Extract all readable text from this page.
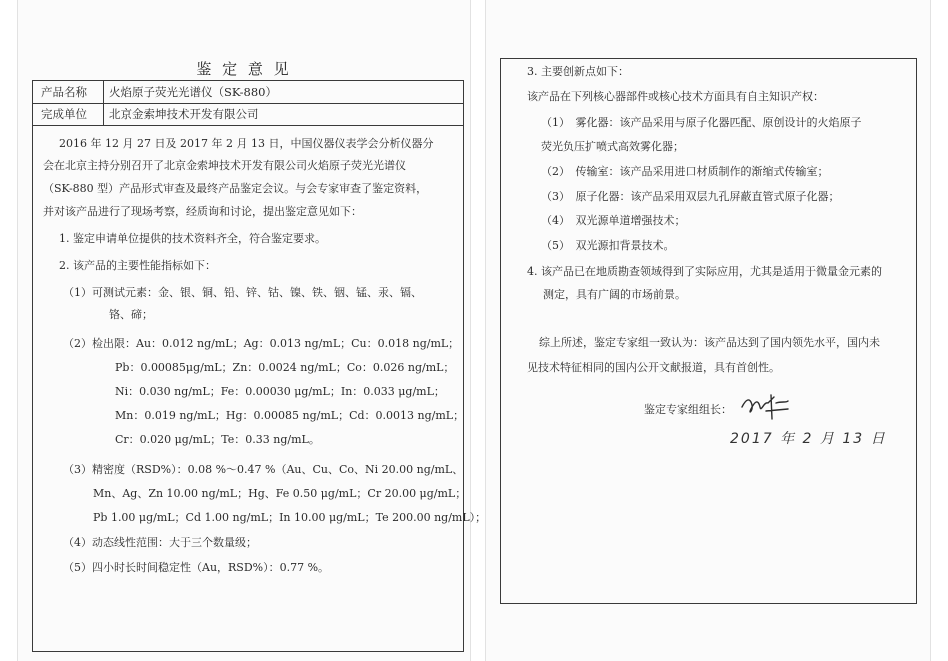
鉴 定 意 见
产品名称 火焰原子荧光光谱仪（SK-880）
完成单位 北京金索坤技术开发有限公司
2016 年 12 月 27 日及 2017 年 2 月 13 日，中国仪器仪表学会分析仪器分
会在北京主持分别召开了北京金索坤技术开发有限公司火焰原子荧光光谱仪
（SK-880 型）产品形式审查及最终产品鉴定会议。与会专家审查了鉴定资料，
并对该产品进行了现场考察，经质询和讨论，提出鉴定意见如下：
1. 鉴定申请单位提供的技术资料齐全，符合鉴定要求。
2. 该产品的主要性能指标如下：
（1）可测试元素：金、银、铜、铅、锌、钴、镍、铁、铟、锰、汞、镉、
铬、碲；
（2）检出限：Au：0.012 ng/mL；Ag：0.013 ng/mL；Cu：0.018 ng/mL；
Pb：0.00085μg/mL；Zn：0.0024 ng/mL；Co：0.026 ng/mL；
Ni：0.030 ng/mL；Fe：0.00030 μg/mL；In：0.033 μg/mL；
Mn：0.019 ng/mL；Hg：0.00085 ng/mL；Cd：0.0013 ng/mL；
Cr：0.020 μg/mL；Te：0.33 ng/mL。
（3）精密度（RSD%）：0.08 %～0.47 %（Au、Cu、Co、Ni 20.00 ng/mL、
Mn、Ag、Zn 10.00 ng/mL；Hg、Fe 0.50 μg/mL；Cr 20.00 μg/mL；
Pb 1.00 μg/mL；Cd 1.00 ng/mL；In 10.00 μg/mL；Te 200.00 ng/mL）；
（4）动态线性范围：大于三个数量级；
（5）四小时长时间稳定性（Au，RSD%）：0.77 %。
3. 主要创新点如下：
该产品在下列核心器部件或核心技术方面具有自主知识产权：
（1）　雾化器：该产品采用与原子化器匹配、原创设计的火焰原子
荧光负压扩喷式高效雾化器；
（2）　传输室：该产品采用进口材质制作的渐缩式传输室；
（3）　原子化器：该产品采用双层九孔屏蔽直管式原子化器；
（4）　双光源单道增强技术；
（5）　双光源扣背景技术。
4. 该产品已在地质勘查领域得到了实际应用，尤其是适用于微量金元素的
测定，具有广阔的市场前景。
综上所述，鉴定专家组一致认为：该产品达到了国内领先水平，国内未
见技术特征相同的国内公开文献报道，具有首创性。
鉴定专家组组长：
2017 年 2 月 13 日
